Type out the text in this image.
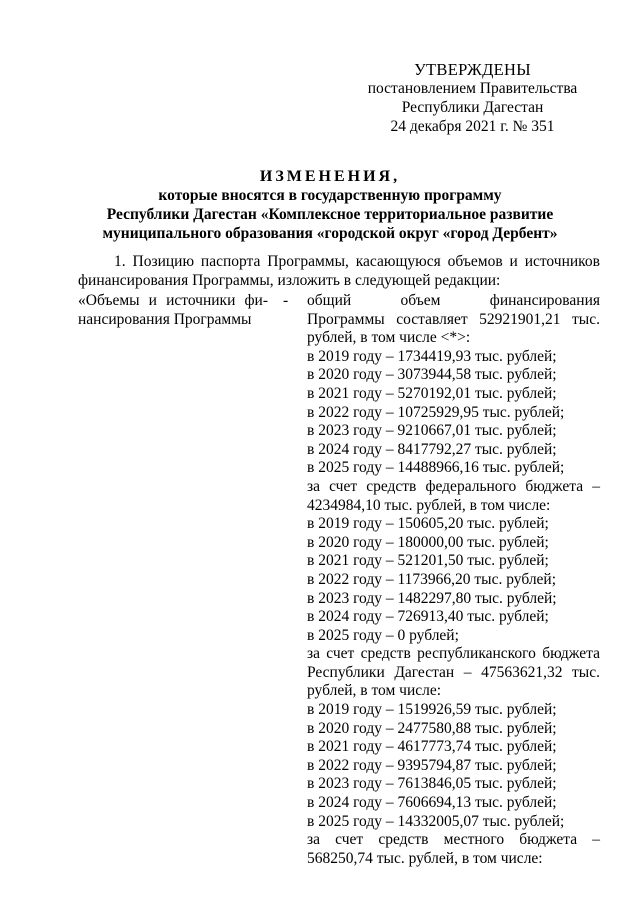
УТВЕРЖДЕНЫ
постановлением Правительства
Республики Дагестан
24 декабря 2021 г. № 351
ИЗМЕНЕНИЯ,
которые вносятся в государственную программу
Республики Дагестан «Комплексное территориальное развитие
муниципального образования «городской округ «город Дербент»
1. Позицию паспорта Программы, касающуюся объемов и источников
финансирования Программы, изложить в следующей редакции:
«Объемы и источники фи-
нансирования Программы
- общий	объем	финансирования
Программы составляет 52921901,21 тыс.
рублей, в том числе <*>:
в 2019 году – 1734419,93 тыс. рублей;
в 2020 году – 3073944,58 тыс. рублей;
в 2021 году – 5270192,01 тыс. рублей;
в 2022 году – 10725929,95 тыс. рублей;
в 2023 году – 9210667,01 тыс. рублей;
в 2024 году – 8417792,27 тыс. рублей;
в 2025 году – 14488966,16 тыс. рублей;
за счет средств федерального бюджета –
4234984,10 тыс. рублей, в том числе:
в 2019 году – 150605,20 тыс. рублей;
в 2020 году – 180000,00 тыс. рублей;
в 2021 году – 521201,50 тыс. рублей;
в 2022 году – 1173966,20 тыс. рублей;
в 2023 году – 1482297,80 тыс. рублей;
в 2024 году – 726913,40 тыс. рублей;
в 2025 году – 0 рублей;
за счет средств республиканского бюджета
Республики Дагестан – 47563621,32 тыс.
рублей, в том числе:
в 2019 году – 1519926,59 тыс. рублей;
в 2020 году – 2477580,88 тыс. рублей;
в 2021 году – 4617773,74 тыс. рублей;
в 2022 году – 9395794,87 тыс. рублей;
в 2023 году – 7613846,05 тыс. рублей;
в 2024 году – 7606694,13 тыс. рублей;
в 2025 году – 14332005,07 тыс. рублей;
за счет средств местного бюджета –
568250,74 тыс. рублей, в том числе:
